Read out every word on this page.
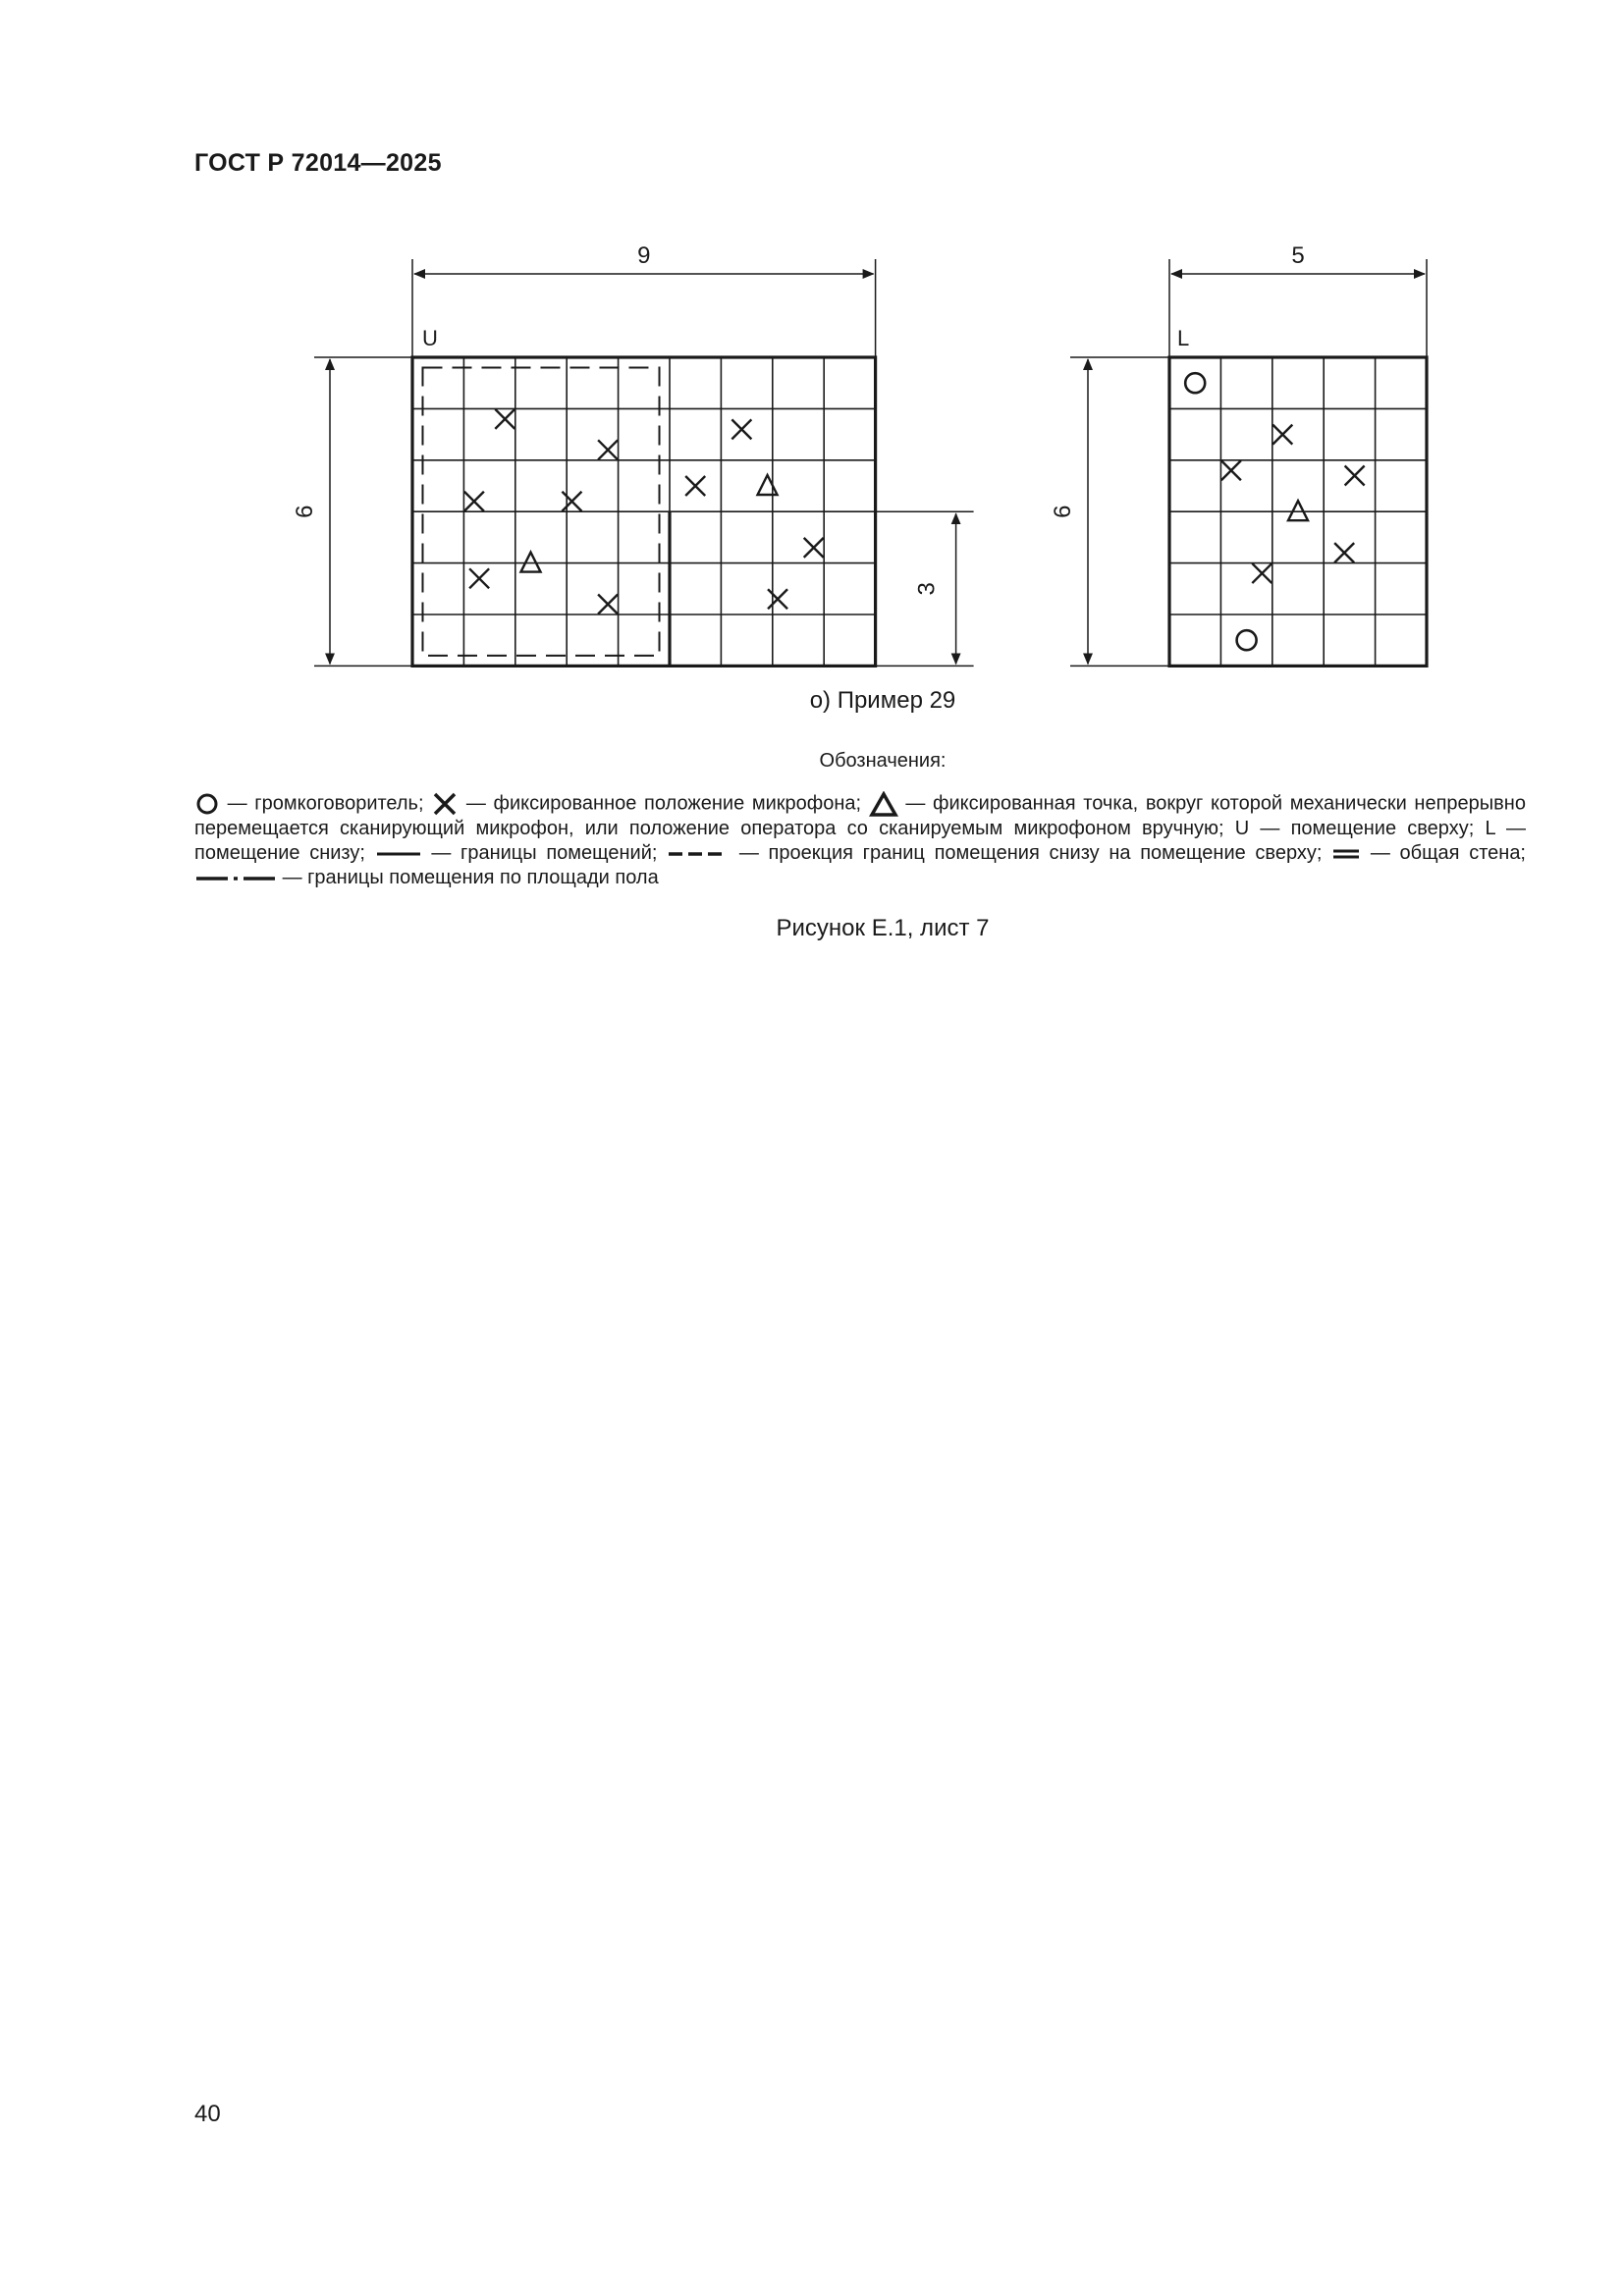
ГОСТ Р 72014—2025
U	L
9
6
3
5
6
о) Пример 29
Обозначения:
— громкоговоритель; — фиксированное положение микрофона; — фиксированная точка, вокруг которой механически непрерывно перемещается сканирующий микрофон, или положение оператора со сканируемым микрофоном вручную; U — помещение сверху; L — помещение снизу;	— границы помещений;	— проекция границ помещения снизу на помещение сверху; — общая стена;  — границы помещения по площади пола
Рисунок Е.1, лист 7
40
